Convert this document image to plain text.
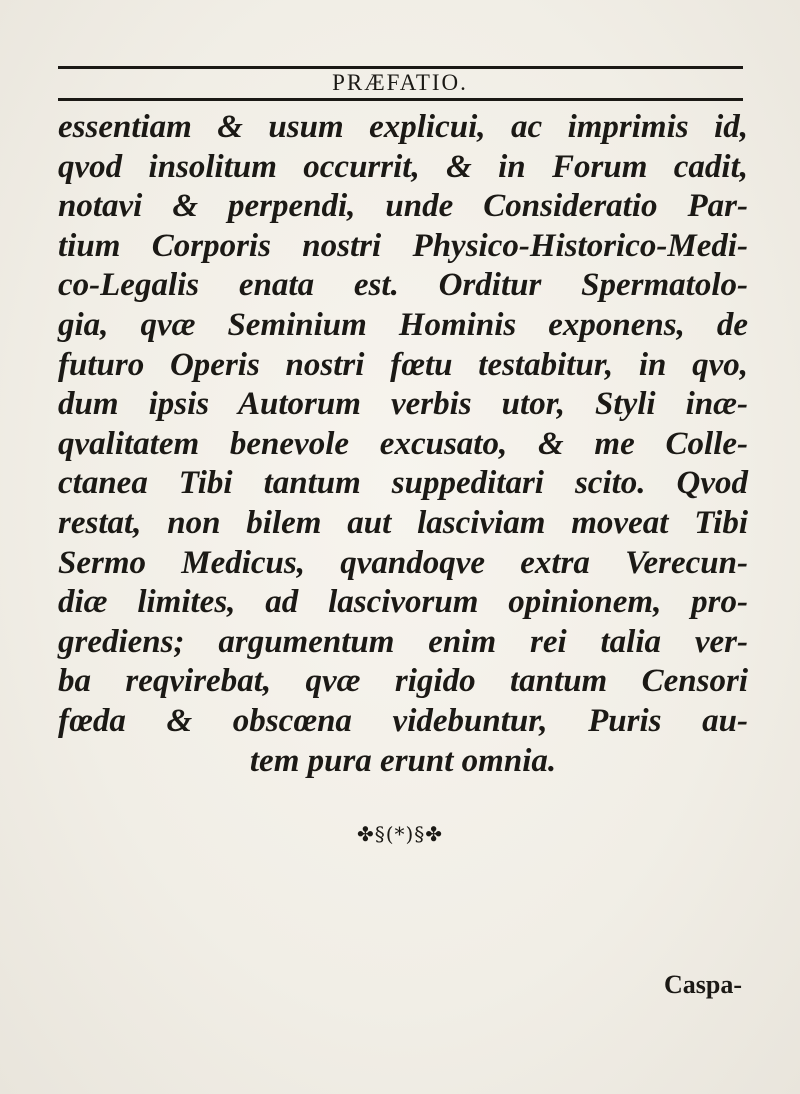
PRÆFATIO.
essentiam & usum explicui, ac imprimis id,
qvod insolitum occurrit, & in Forum cadit,
notavi & perpendi, unde Consideratio Par-
tium Corporis nostri Physico-Historico-Medi-
co-Legalis enata est. Orditur Spermatolo-
gia, qvæ Seminium Hominis exponens, de
futuro Operis nostri fœtu testabitur, in qvo,
dum ipsis Autorum verbis utor, Styli inæ-
qvalitatem benevole excusato, & me Colle-
ctanea Tibi tantum suppeditari scito. Qvod
restat, non bilem aut lasciviam moveat Tibi
Sermo Medicus, qvandoqve extra Verecun-
diæ limites, ad lascivorum opinionem, pro-
grediens; argumentum enim rei talia ver-
ba reqvirebat, qvæ rigido tantum Censori
fœda & obscœna videbuntur, Puris au-
tem pura erunt omnia.
✤§(*)§✤
Caspa-
